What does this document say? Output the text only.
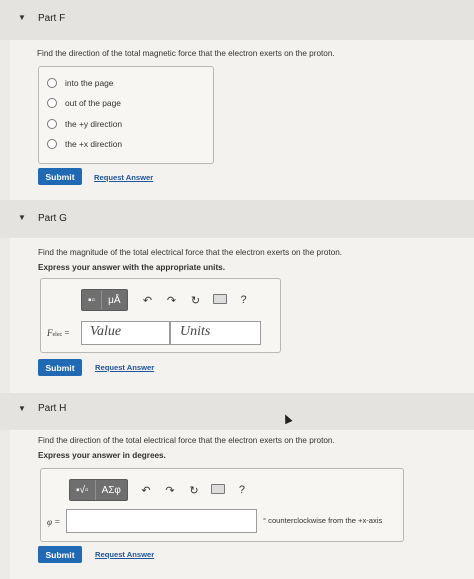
▼ Part F
Find the direction of the total magnetic force that the electron exerts on the proton.
into the page
out of the page
the +y direction
the +x direction
Submit	Request Answer
▼ Part G
Find the magnitude of the total electrical force that the electron exerts on the proton.
Express your answer with the appropriate units.
▪▫	μÅ	↶	↷	↻	?
Felec = Value	Units
Submit	Request Answer
▼ Part H
Find the direction of the total electrical force that the electron exerts on the proton.
Express your answer in degrees.
▪√▫	ΑΣφ	↶	↷	↻	?
φ =	° counterclockwise from the +x-axis
Submit	Request Answer
